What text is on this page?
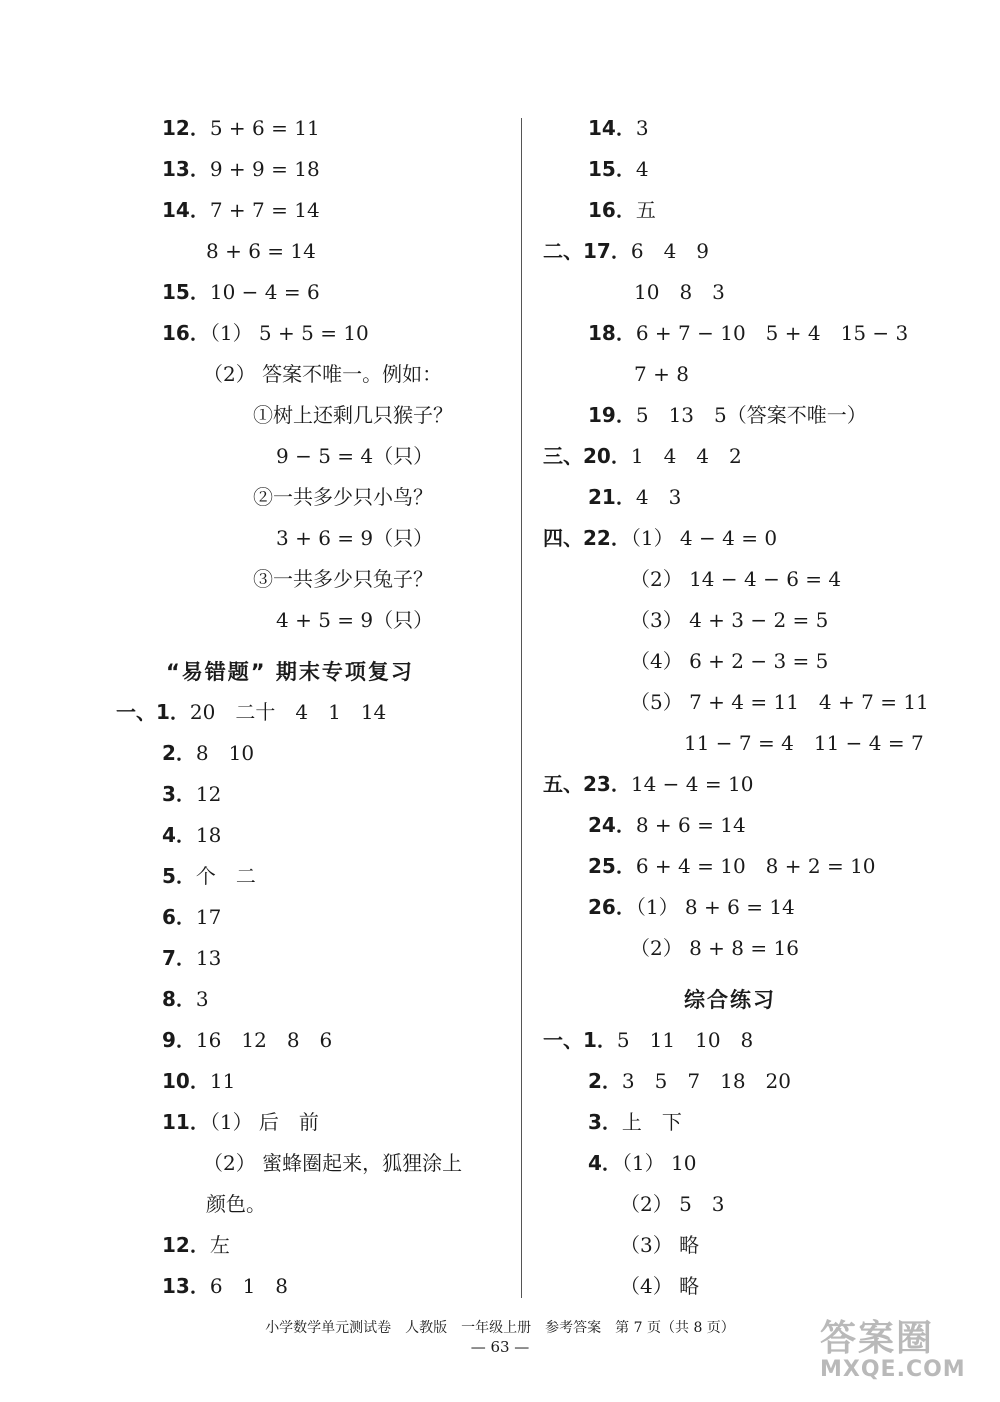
12．5 + 6 = 11
13．9 + 9 = 18
14．7 + 7 = 14
8 + 6 = 14
15．10 − 4 = 6
16．（1） 5 + 5 = 10
（2） 答案不唯一。例如：
①树上还剩几只猴子？
9 − 5 = 4（只）
②一共多少只小鸟？
3 + 6 = 9（只）
③一共多少只兔子？
4 + 5 = 9（只）
“易错题” 期末专项复习
一、1．20　二十　4　1　14
2．8　10
3．12
4．18
5．个　二
6．17
7．13
8．3
9．16　12　8　6
10．11
11．（1） 后　前
（2） 蜜蜂圈起来，狐狸涂上
颜色。
12．左
13．6　1　8
14．3
15．4
16．五
二、17．6　4　9
10　8　3
18．6 + 7 − 10　5 + 4　15 − 3
7 + 8
19．5　13　5（答案不唯一）
三、20．1　4　4　2
21．4　3
四、22．（1） 4 − 4 = 0
（2） 14 − 4 − 6 = 4
（3） 4 + 3 − 2 = 5
（4） 6 + 2 − 3 = 5
（5） 7 + 4 = 11　4 + 7 = 11
11 − 7 = 4　11 − 4 = 7
五、23．14 − 4 = 10
24．8 + 6 = 14
25．6 + 4 = 10　8 + 2 = 10
26．（1） 8 + 6 = 14
（2） 8 + 8 = 16
综合练习
一、1．5　11　10　8
2．3　5　7　18　20
3．上　下
4．（1） 10
（2） 5　3
（3） 略
（4） 略
小学数学单元测试卷　人教版　一年级上册　参考答案　第 7 页（共 8 页）
— 63 —	答案圈
MXQE.COM
